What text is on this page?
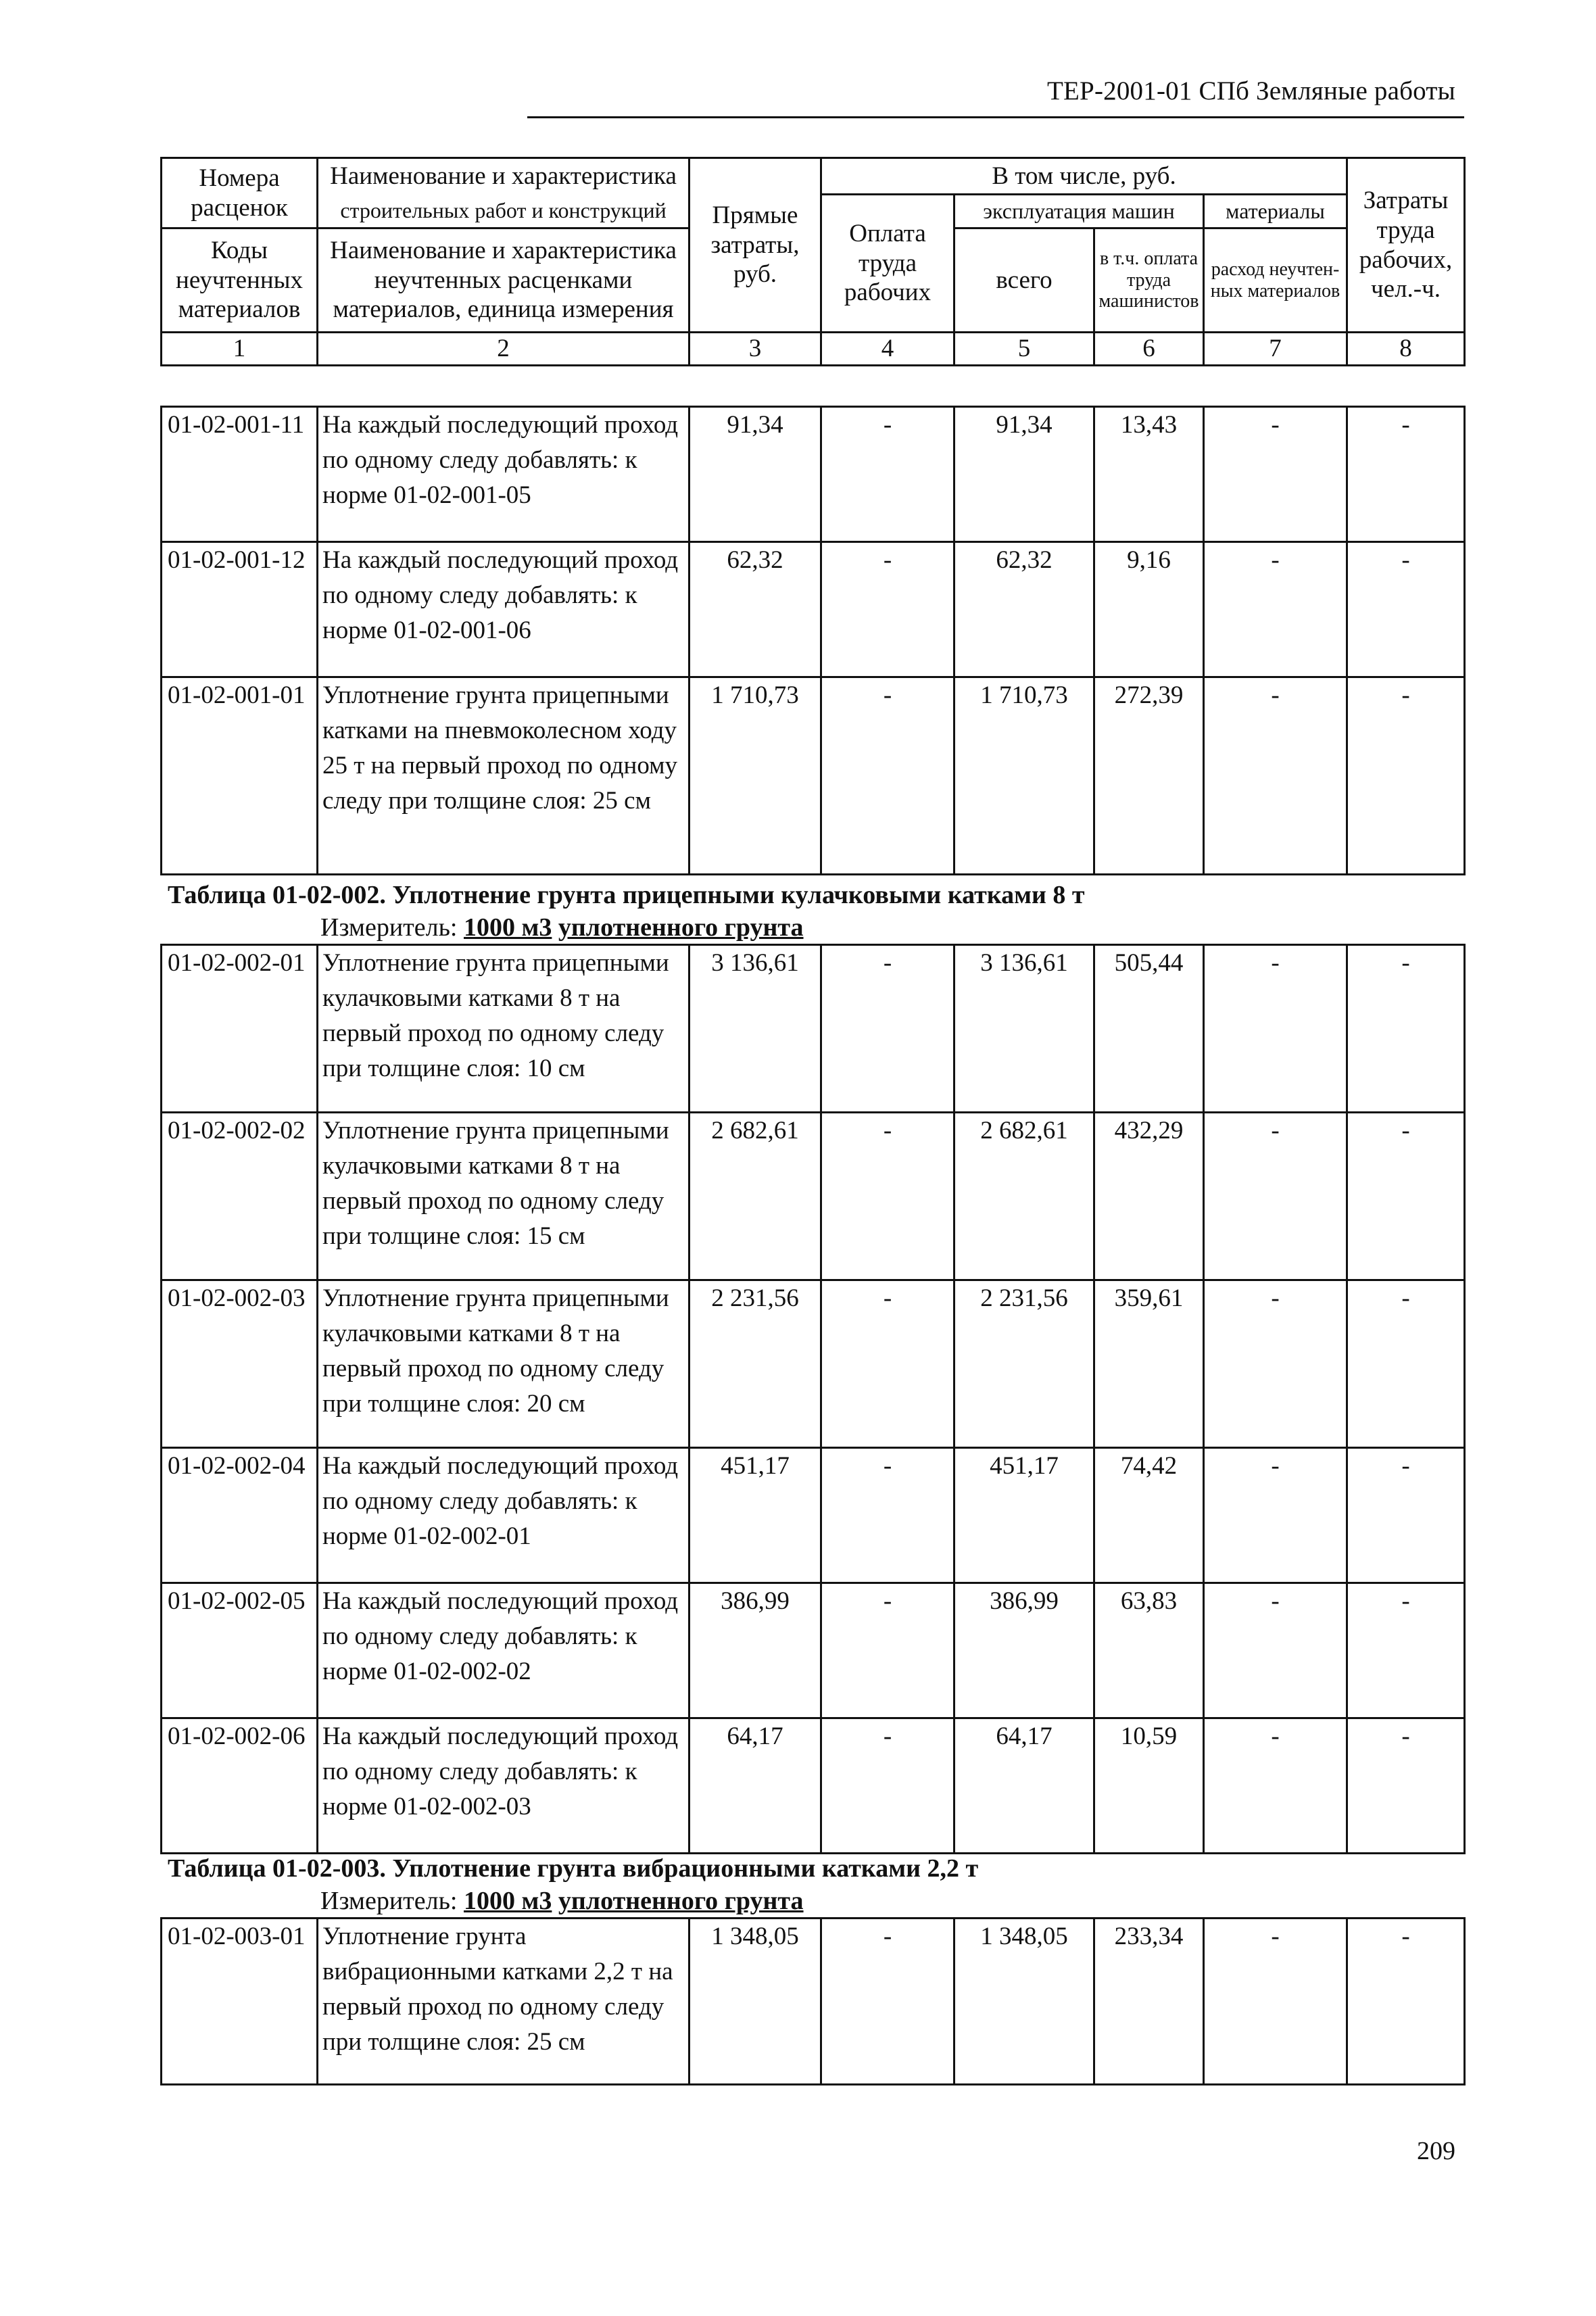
ТЕР-2001-01 СПб Земляные работы
Номера расценок	Наименование и характеристика	Прямые затраты, руб.	В том числе, руб.				Затраты труда рабочих, чел.-ч.
	строительных работ и конструкций		Оплата труда рабочих	эксплуатация машин		материалы	
Коды неучтенных материалов	Наименование и характеристика неучтенных расценками материалов, единица измерения			всего	в т.ч. оплата труда машинистов	расход неучтен-ных материалов	

1	2	3	4	5	6	7	8
01-02-001-11	На каждый последующий проход по одному следу добавлять: к норме 01-02-001-05	91,34	-	91,34	13,43	-	-
01-02-001-12	На каждый последующий проход по одному следу добавлять: к норме 01-02-001-06	62,32	-	62,32	9,16	-	-
01-02-001-01	Уплотнение грунта прицепными катками на пневмоколесном ходу 25 т на первый проход по одному следу при толщине слоя: 25 см	1 710,73	-	1 710,73	272,39	-	-
Таблица 01-02-002. Уплотнение грунта прицепными кулачковыми катками 8 т
Измеритель: 1000 м3 уплотненного грунта
01-02-002-01	Уплотнение грунта прицепными кулачковыми катками 8 т на первый проход по одному следу при толщине слоя: 10 см	3 136,61	-	3 136,61	505,44	-	-
01-02-002-02	Уплотнение грунта прицепными кулачковыми катками 8 т на первый проход по одному следу при толщине слоя: 15 см	2 682,61	-	2 682,61	432,29	-	-
01-02-002-03	Уплотнение грунта прицепными кулачковыми катками 8 т на первый проход по одному следу при толщине слоя: 20 см	2 231,56	-	2 231,56	359,61	-	-
01-02-002-04	На каждый последующий проход по одному следу добавлять: к норме 01-02-002-01	451,17	-	451,17	74,42	-	-
01-02-002-05	На каждый последующий проход по одному следу добавлять: к норме 01-02-002-02	386,99	-	386,99	63,83	-	-
01-02-002-06	На каждый последующий проход по одному следу добавлять: к норме 01-02-002-03	64,17	-	64,17	10,59	-	-
Таблица 01-02-003. Уплотнение грунта вибрационными катками 2,2 т
Измеритель: 1000 м3 уплотненного грунта
01-02-003-01	Уплотнение грунта вибрационными катками 2,2 т на первый проход по одному следу при толщине слоя: 25 см	1 348,05	-	1 348,05	233,34	-	-
209
